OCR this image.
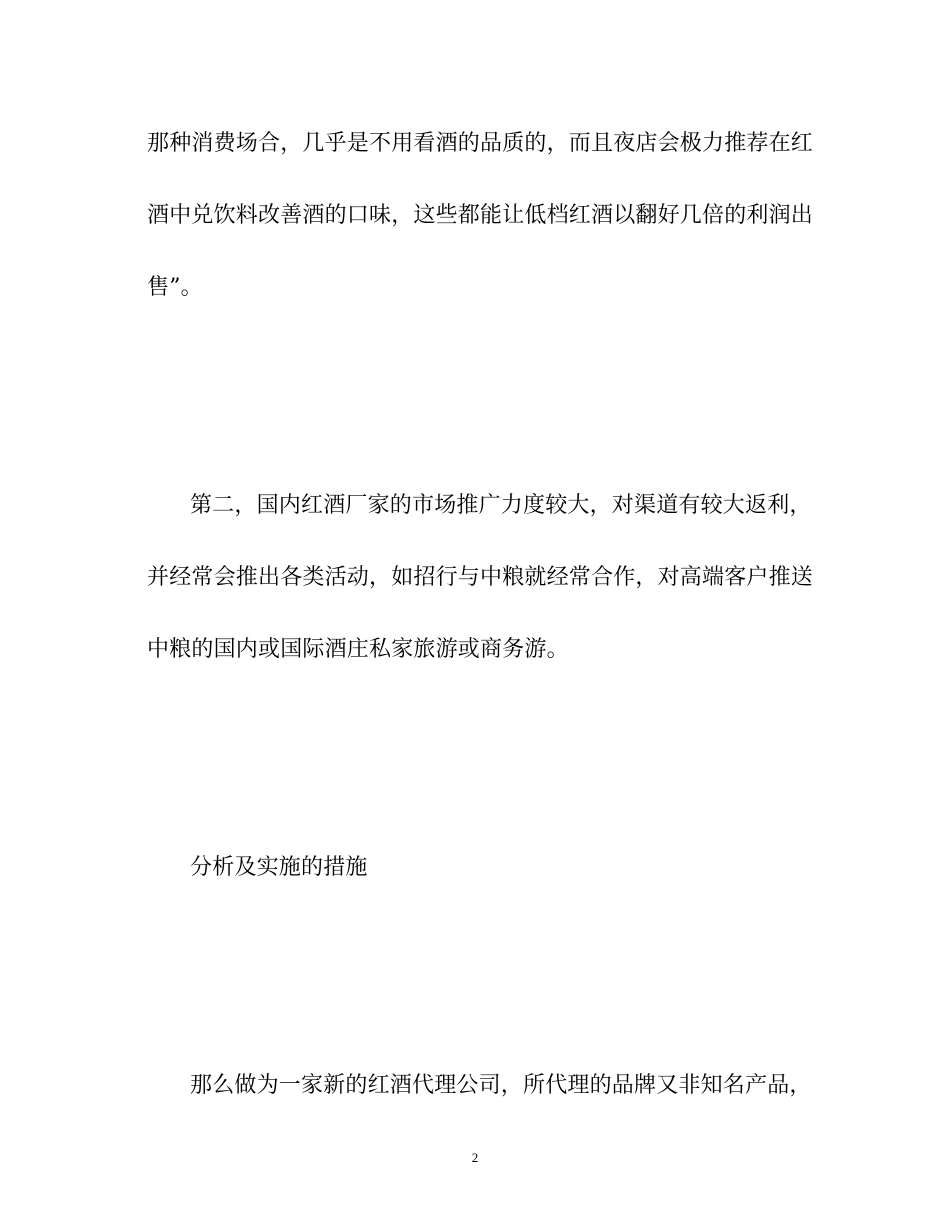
那种消费场合，几乎是不用看酒的品质的，而且夜店会极力推荐在红
酒中兑饮料改善酒的口味，这些都能让低档红酒以翻好几倍的利润出
售”。
第二，国内红酒厂家的市场推广力度较大，对渠道有较大返利，
并经常会推出各类活动，如招行与中粮就经常合作，对高端客户推送
中粮的国内或国际酒庄私家旅游或商务游。
分析及实施的措施
那么做为一家新的红酒代理公司，所代理的品牌又非知名产品，
2
